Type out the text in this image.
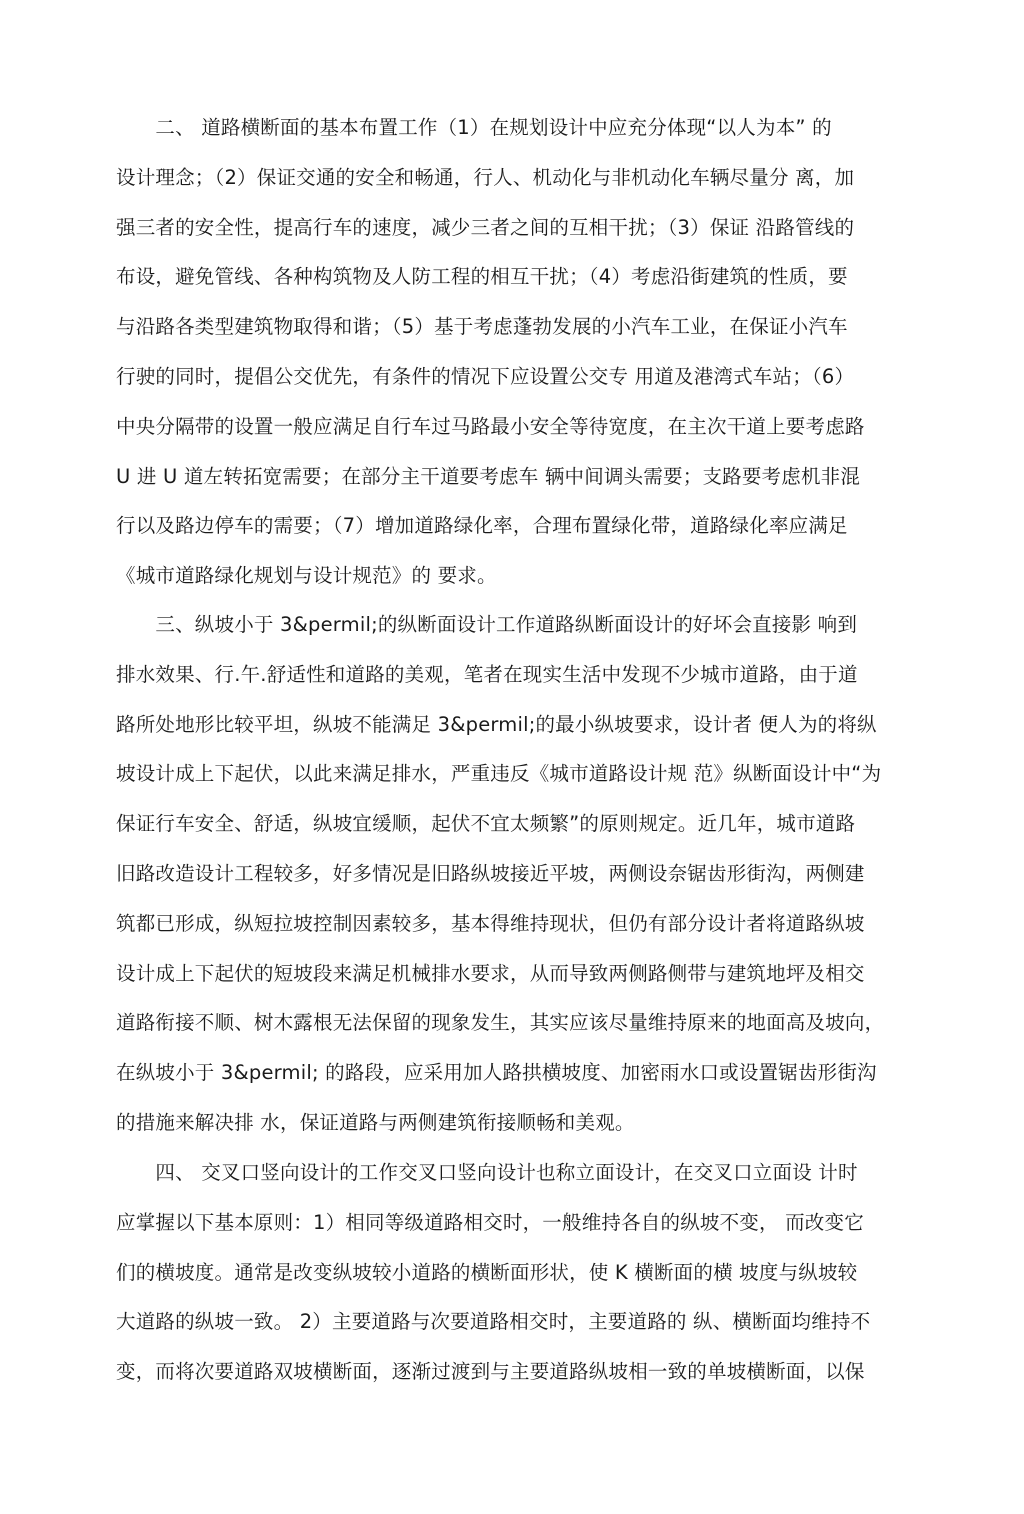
　　二、 道路横断面的基本布置工作（1）在规划设计中应充分体现“以人为本” 的
设计理念；（2）保证交通的安全和畅通，行人、机动化与非机动化车辆尽量分 离，加
强三者的安全性，提高行车的速度，减少三者之间的互相干扰；（3）保证 沿路管线的
布设，避免管线、各种构筑物及人防工程的相互干扰；（4）考虑沿街建筑的性质，要
与沿路各类型建筑物取得和谐；（5）基于考虑蓬勃发展的小汽车工业，在保证小汽车
行驶的同时，提倡公交优先，有条件的情况下应设置公交专 用道及港湾式车站；（6）
中央分隔带的设置一般应满足自行车过马路最小安全等待宽度，在主次干道上要考虑路
U 进 U 道左转拓宽需要；在部分主干道要考虑车 辆中间调头需要；支路要考虑机非混
行以及路边停车的需要；（7）增加道路绿化率，合理布置绿化带，道路绿化率应满足
《城市道路绿化规划与设计规范》的 要求。
　　三、纵坡小于 3&permil;的纵断面设计工作道路纵断面设计的好坏会直接影 响到
排水效果、行.午.舒适性和道路的美观，笔者在现实生活中发现不少城市道路，由于道
路所处地形比较平坦，纵坡不能满足 3&permil;的最小纵坡要求，设计者 便人为的将纵
坡设计成上下起伏，以此来满足排水，严重违反《城市道路设计规 范》纵断面设计中“为
保证行车安全、舒适，纵坡宜缓顺，起伏不宜太频繁”的原则规定。近几年，城市道路
旧路改造设计工程较多，好多情况是旧路纵坡接近平坡，两侧设奈锯齿形街沟，两侧建
筑都已形成，纵短拉坡控制因素较多，基本得维持现状，但仍有部分设计者将道路纵坡
设计成上下起伏的短坡段来满足机械排水要求，从而导致两侧路侧带与建筑地坪及相交
道路衔接不顺、树木露根无法保留的现象发生，其实应该尽量维持原来的地面高及坡向，
在纵坡小于 3&permil; 的路段，应采用加人路拱横坡度、加密雨水口或设置锯齿形街沟
的措施来解决排 水，保证道路与两侧建筑衔接顺畅和美观。
　　四、 交叉口竖向设计的工作交叉口竖向设计也称立面设计，在交叉口立面设 计时
应掌握以下基本原则：1）相同等级道路相交时，一般维持各自的纵坡不变， 而改变它
们的横坡度。通常是改变纵坡较小道路的横断面形状，使 K 横断面的横 坡度与纵坡较
大道路的纵坡一致。 2）主要道路与次要道路相交时，主要道路的 纵、横断面均维持不
变，而将次要道路双坡横断面，逐渐过渡到与主要道路纵坡相一致的单坡横断面，以保
